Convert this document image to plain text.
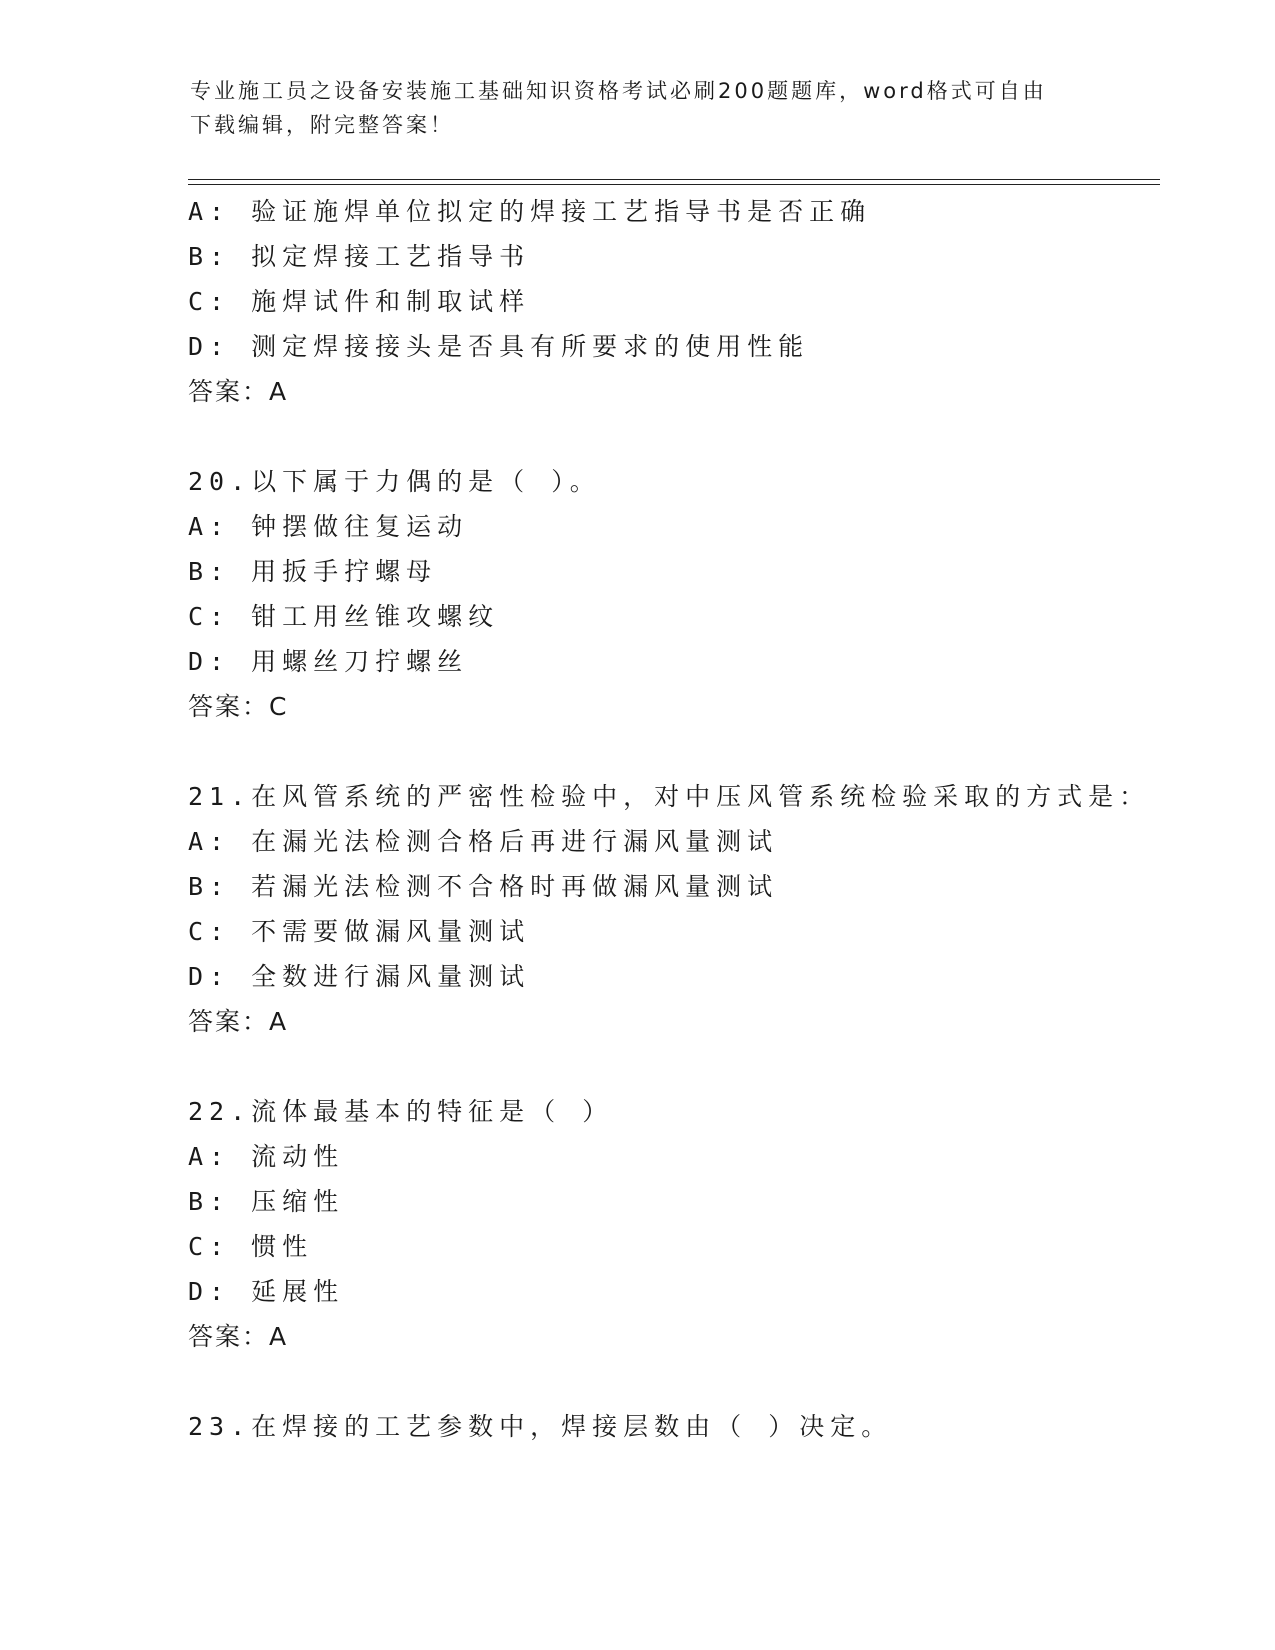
专业施工员之设备安装施工基础知识资格考试必刷200题题库，word格式可自由
下载编辑，附完整答案！
A: 验证施焊单位拟定的焊接工艺指导书是否正确
B: 拟定焊接工艺指导书
C: 施焊试件和制取试样
D: 测定焊接接头是否具有所要求的使用性能
答案：A
20.以下属于力偶的是（ ）。
A: 钟摆做往复运动
B: 用扳手拧螺母
C: 钳工用丝锥攻螺纹
D: 用螺丝刀拧螺丝
答案：C
21.在风管系统的严密性检验中，对中压风管系统检验采取的方式是：
A: 在漏光法检测合格后再进行漏风量测试
B: 若漏光法检测不合格时再做漏风量测试
C: 不需要做漏风量测试
D: 全数进行漏风量测试
答案：A
22.流体最基本的特征是（ ）
A: 流动性
B: 压缩性
C: 惯性
D: 延展性
答案：A
23.在焊接的工艺参数中，焊接层数由（ ）决定。
